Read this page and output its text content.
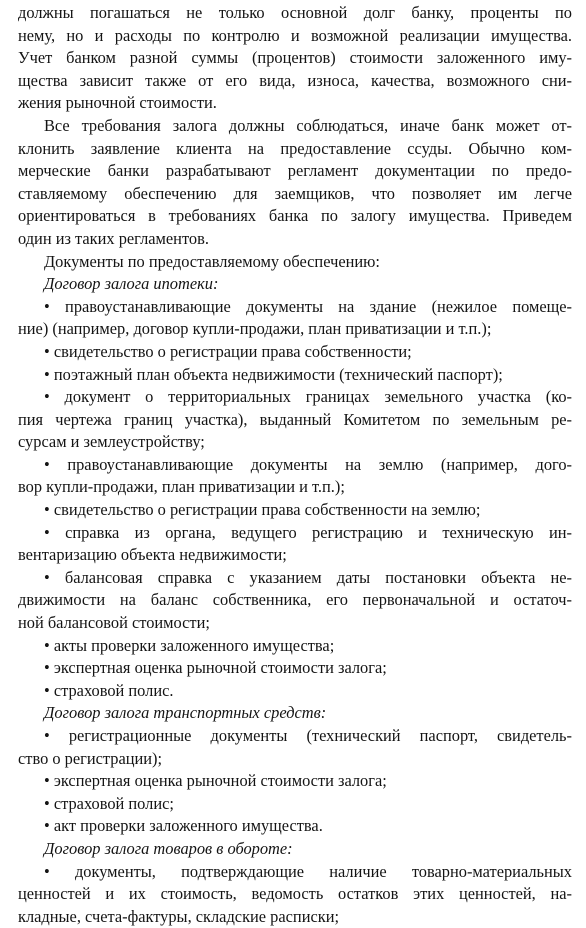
должны погашаться не только основной долг банку, проценты по
нему, но и расходы по контролю и возможной реализации имущества.
Учет банком разной суммы (процентов) стоимости заложенного иму-
щества зависит также от его вида, износа, качества, возможного сни-
жения рыночной стоимости.

Все требования залога должны соблюдаться, иначе банк может от-
клонить заявление клиента на предоставление ссуды. Обычно ком-
мерческие банки разрабатывают регламент документации по предо-
ставляемому обеспечению для заемщиков, что позволяет им легче
ориентироваться в требованиях банка по залогу имущества. Приведем
один из таких регламентов.

Документы по предоставляемому обеспечению:

Договор залога ипотеки:

• правоустанавливающие документы на здание (нежилое помеще-
ние) (например, договор купли-продажи, план приватизации и т.п.);

• свидетельство о регистрации права собственности;

• поэтажный план объекта недвижимости (технический паспорт);

• документ о территориальных границах земельного участка (ко-
пия чертежа границ участка), выданный Комитетом по земельным ре-
сурсам и землеустройству;

• правоустанавливающие документы на землю (например, дого-
вор купли-продажи, план приватизации и т.п.);

• свидетельство о регистрации права собственности на землю;

• справка из органа, ведущего регистрацию и техническую ин-
вентаризацию объекта недвижимости;

• балансовая справка с указанием даты постановки объекта не-
движимости на баланс собственника, его первоначальной и остаточ-
ной балансовой стоимости;

• акты проверки заложенного имущества;

• экспертная оценка рыночной стоимости залога;

• страховой полис.

Договор залога транспортных средств:

• регистрационные документы (технический паспорт, свидетель-
ство о регистрации);

• экспертная оценка рыночной стоимости залога;

• страховой полис;

• акт проверки заложенного имущества.

Договор залога товаров в обороте:

• документы, подтверждающие наличие товарно-материальных
ценностей и их стоимость, ведомость остатков этих ценностей, на-
кладные, счета-фактуры, складские расписки;
